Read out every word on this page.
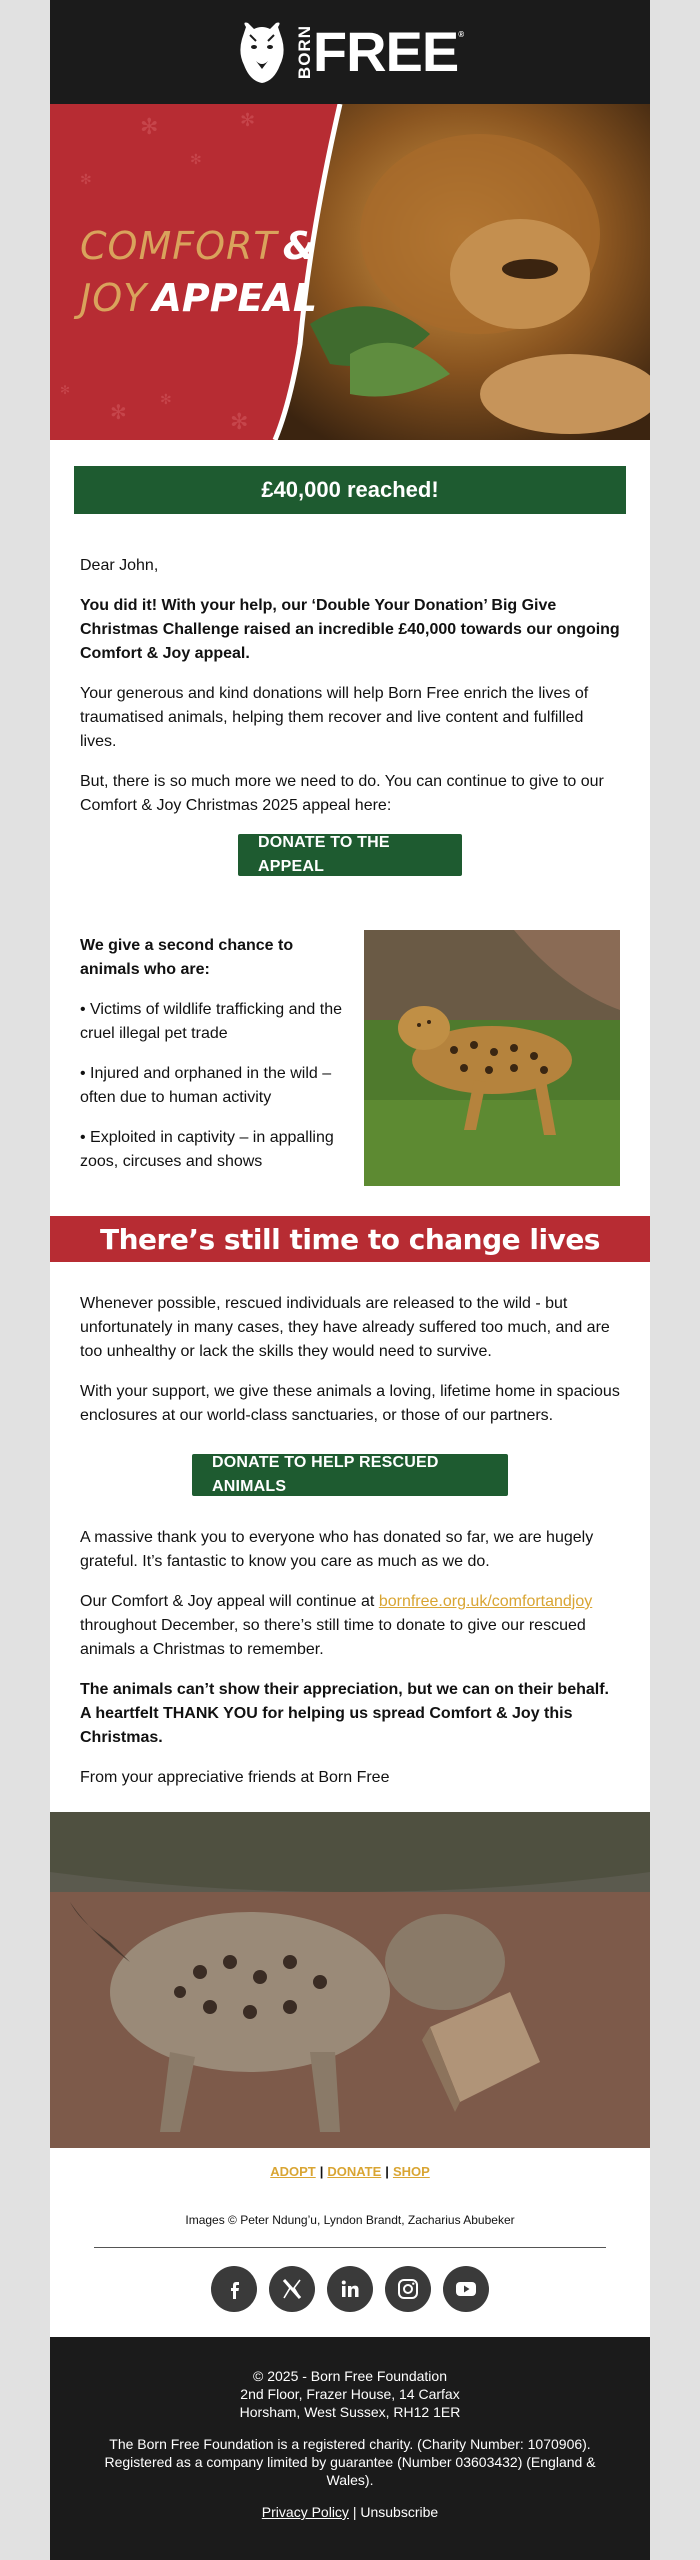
BORN FREE ®
✻
✻
✻
✻
✻
✻
✻
✻
COMFORT &
JOY APPEAL
£40,000 reached!

Dear John,

You did it! With your help, our ‘Double Your Donation’ Big Give Christmas Challenge raised an incredible £40,000 towards our ongoing Comfort & Joy appeal.

Your generous and kind donations will help Born Free enrich the lives of traumatised animals, helping them recover and live content and fulfilled lives.

But, there is so much more we need to do. You can continue to give to our Comfort & Joy Christmas 2025 appeal here:

DONATE TO THE APPEAL

We give a second chance to animals who are:

• Victims of wildlife trafficking and the cruel illegal pet trade

• Injured and orphaned in the wild – often due to human activity

• Exploited in captivity – in appalling zoos, circuses and shows

There’s still time to change lives

Whenever possible, rescued individuals are released to the wild - but unfortunately in many cases, they have already suffered too much, and are too unhealthy or lack the skills they would need to survive.

With your support, we give these animals a loving, lifetime home in spacious enclosures at our world-class sanctuaries, or those of our partners.

DONATE TO HELP RESCUED ANIMALS

A massive thank you to everyone who has donated so far, we are hugely grateful. It’s fantastic to know you care as much as we do.

Our Comfort & Joy appeal will continue at bornfree.org.uk/comfortandjoy throughout December, so there’s still time to donate to give our rescued animals a Christmas to remember.

The animals can’t show their appreciation, but we can on their behalf. A heartfelt THANK YOU for helping us spread Comfort & Joy this Christmas.

From your appreciative friends at Born Free

ADOPT | DONATE | SHOP
Images © Peter Ndung’u, Lyndon Brandt, Zacharius Abubeker
© 2025 - Born Free Foundation
2nd Floor, Frazer House, 14 Carfax
Horsham, West Sussex, RH12 1ER

The Born Free Foundation is a registered charity. (Charity Number: 1070906). Registered as a company limited by guarantee (Number 03603432) (England & Wales).

Privacy Policy | Unsubscribe
